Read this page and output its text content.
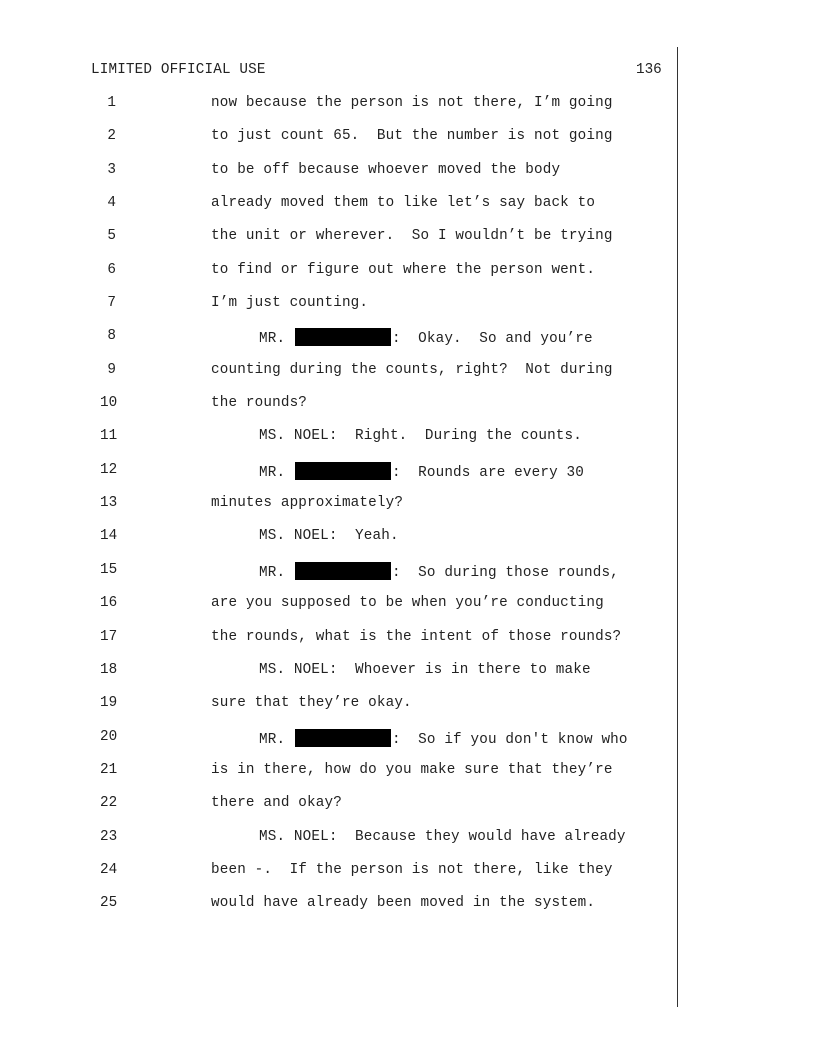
LIMITED OFFICIAL USE	136
1	now because the person is not there, I’m going
2	to just count 65.  But the number is not going
3	to be off because whoever moved the body
4	already moved them to like let’s say back to
5	the unit or wherever.  So I wouldn’t be trying
6	to find or figure out where the person went.
7	I’m just counting.
8	MR.	:  Okay.  So and you’re
9	counting during the counts, right?  Not during
10	the rounds?
11	MS. NOEL:  Right.  During the counts.
12	MR.	:  Rounds are every 30
13	minutes approximately?
14	MS. NOEL:  Yeah.
15	MR.	:  So during those rounds,
16	are you supposed to be when you’re conducting
17	the rounds, what is the intent of those rounds?
18	MS. NOEL:  Whoever is in there to make
19	sure that they’re okay.
20	MR.	:  So if you don't know who
21	is in there, how do you make sure that they’re
22	there and okay?
23	MS. NOEL:  Because they would have already
24	been -.  If the person is not there, like they
25	would have already been moved in the system.
